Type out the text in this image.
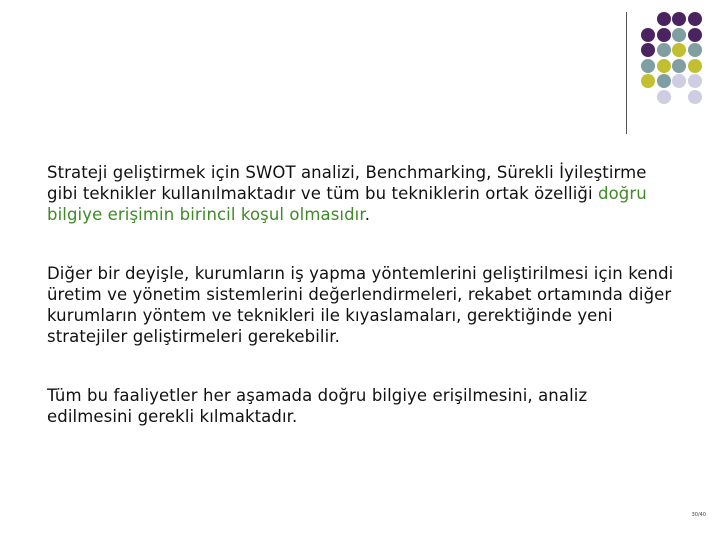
Strateji geliştirmek için SWOT analizi, Benchmarking, Sürekli İyileştirme gibi teknikler kullanılmaktadır ve tüm bu tekniklerin ortak özelliği doğru bilgiye erişimin birincil koşul olmasıdır.

Diğer bir deyişle, kurumların iş yapma yöntemlerini geliştirilmesi için kendi üretim ve yönetim sistemlerini değerlendirmeleri, rekabet ortamında diğer kurumların yöntem ve teknikleri ile kıyaslamaları, gerektiğinde yeni stratejiler geliştirmeleri gerekebilir.

Tüm bu faaliyetler her aşamada doğru bilgiye erişilmesini, analiz edilmesini gerekli kılmaktadır.

30/40
